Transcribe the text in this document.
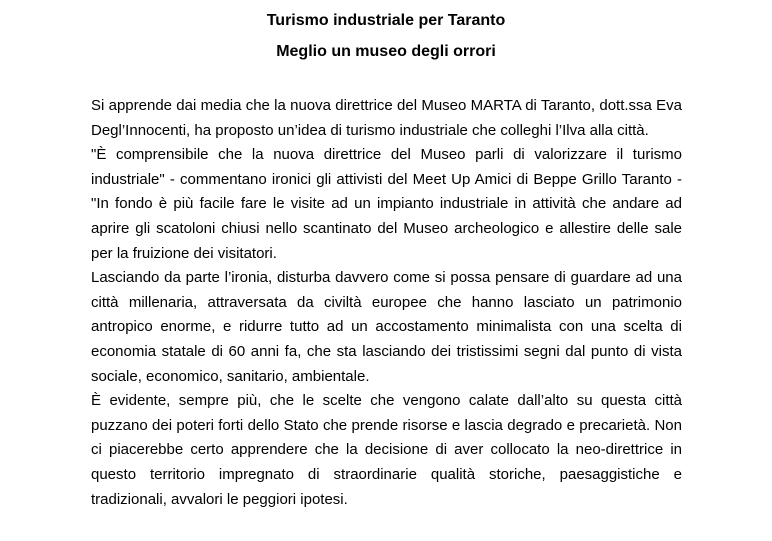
Turismo industriale per Taranto
Meglio un museo degli orrori

Si apprende dai media che la nuova direttrice del Museo MARTA di Taranto, dott.ssa Eva Degl’Innocenti, ha proposto un’idea di turismo industriale che colleghi l’Ilva alla città.

"È comprensibile che la nuova direttrice del Museo parli di valorizzare il turismo industriale" - commentano ironici gli attivisti del Meet Up Amici di Beppe Grillo Taranto - "In fondo è più facile fare le visite ad un impianto industriale in attività che andare ad aprire gli scatoloni chiusi nello scantinato del Museo archeologico e allestire delle sale per la fruizione dei visitatori.

Lasciando da parte l’ironia, disturba davvero come si possa pensare di guardare ad una città millenaria, attraversata da civiltà europee che hanno lasciato un patrimonio antropico enorme, e ridurre tutto ad un accostamento minimalista con una scelta di economia statale di 60 anni fa, che sta lasciando dei tristissimi segni dal punto di vista sociale, economico, sanitario, ambientale.

È evidente, sempre più, che le scelte che vengono calate dall’alto su questa città puzzano dei poteri forti dello Stato che prende risorse e lascia degrado e precarietà. Non ci piacerebbe certo apprendere che la decisione di aver collocato la neo-direttrice in questo territorio impregnato di straordinarie qualità storiche, paesaggistiche e tradizionali, avvalori le peggiori ipotesi.
